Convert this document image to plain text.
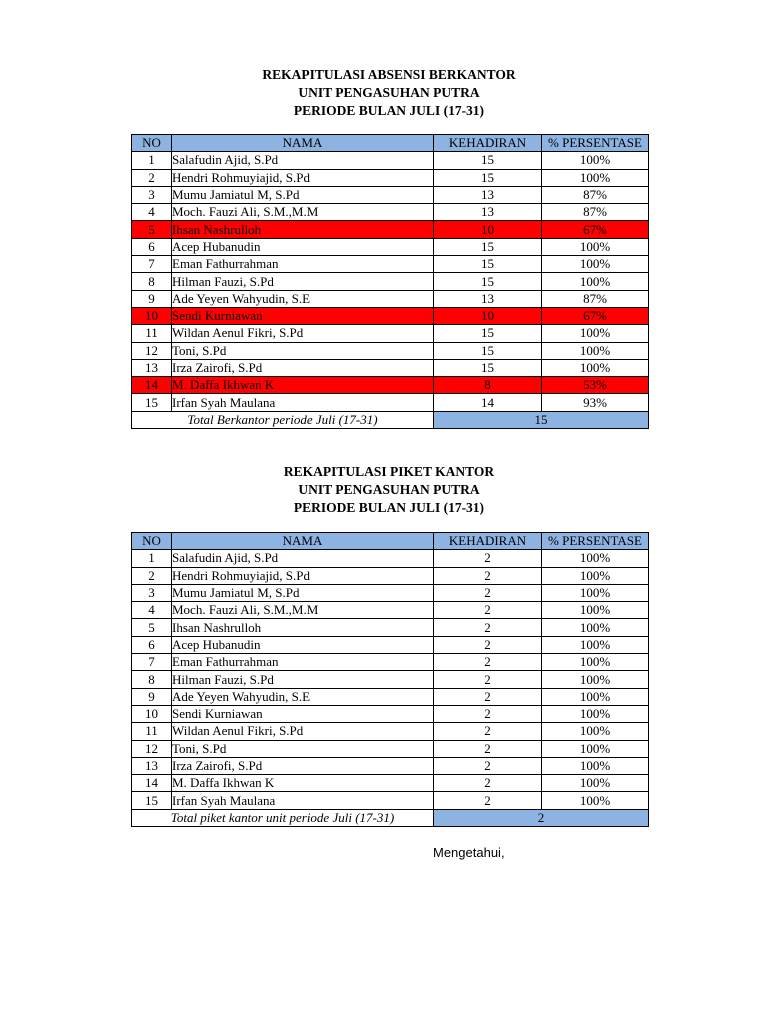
REKAPITULASI ABSENSI BERKANTOR
UNIT PENGASUHAN PUTRA
PERIODE BULAN JULI (17-31)
NO	NAMA	KEHADIRAN	% PERSENTASE
1	Salafudin Ajid, S.Pd	15	100%
2	Hendri Rohmuyiajid, S.Pd	15	100%
3	Mumu Jamiatul M, S.Pd	13	87%
4	Moch. Fauzi Ali, S.M.,M.M	13	87%
5	Ihsan Nashrulloh	10	67%
6	Acep Hubanudin	15	100%
7	Eman Fathurrahman	15	100%
8	Hilman Fauzi, S.Pd	15	100%
9	Ade Yeyen Wahyudin, S.E	13	87%
10	Sendi Kurniawan	10	67%
11	Wildan Aenul Fikri, S.Pd	15	100%
12	Toni, S.Pd	15	100%
13	Irza Zairofi, S.Pd	15	100%
14	M. Daffa Ikhwan K	8	53%
15	Irfan Syah Maulana	14	93%
Total Berkantor periode Juli (17-31)		15	
REKAPITULASI PIKET KANTOR
UNIT PENGASUHAN PUTRA
PERIODE BULAN JULI (17-31)
NO	NAMA	KEHADIRAN	% PERSENTASE
1	Salafudin Ajid, S.Pd	2	100%
2	Hendri Rohmuyiajid, S.Pd	2	100%
3	Mumu Jamiatul M, S.Pd	2	100%
4	Moch. Fauzi Ali, S.M.,M.M	2	100%
5	Ihsan Nashrulloh	2	100%
6	Acep Hubanudin	2	100%
7	Eman Fathurrahman	2	100%
8	Hilman Fauzi, S.Pd	2	100%
9	Ade Yeyen Wahyudin, S.E	2	100%
10	Sendi Kurniawan	2	100%
11	Wildan Aenul Fikri, S.Pd	2	100%
12	Toni, S.Pd	2	100%
13	Irza Zairofi, S.Pd	2	100%
14	M. Daffa Ikhwan K	2	100%
15	Irfan Syah Maulana	2	100%
Total piket kantor unit periode Juli (17-31)		2	
Mengetahui,
